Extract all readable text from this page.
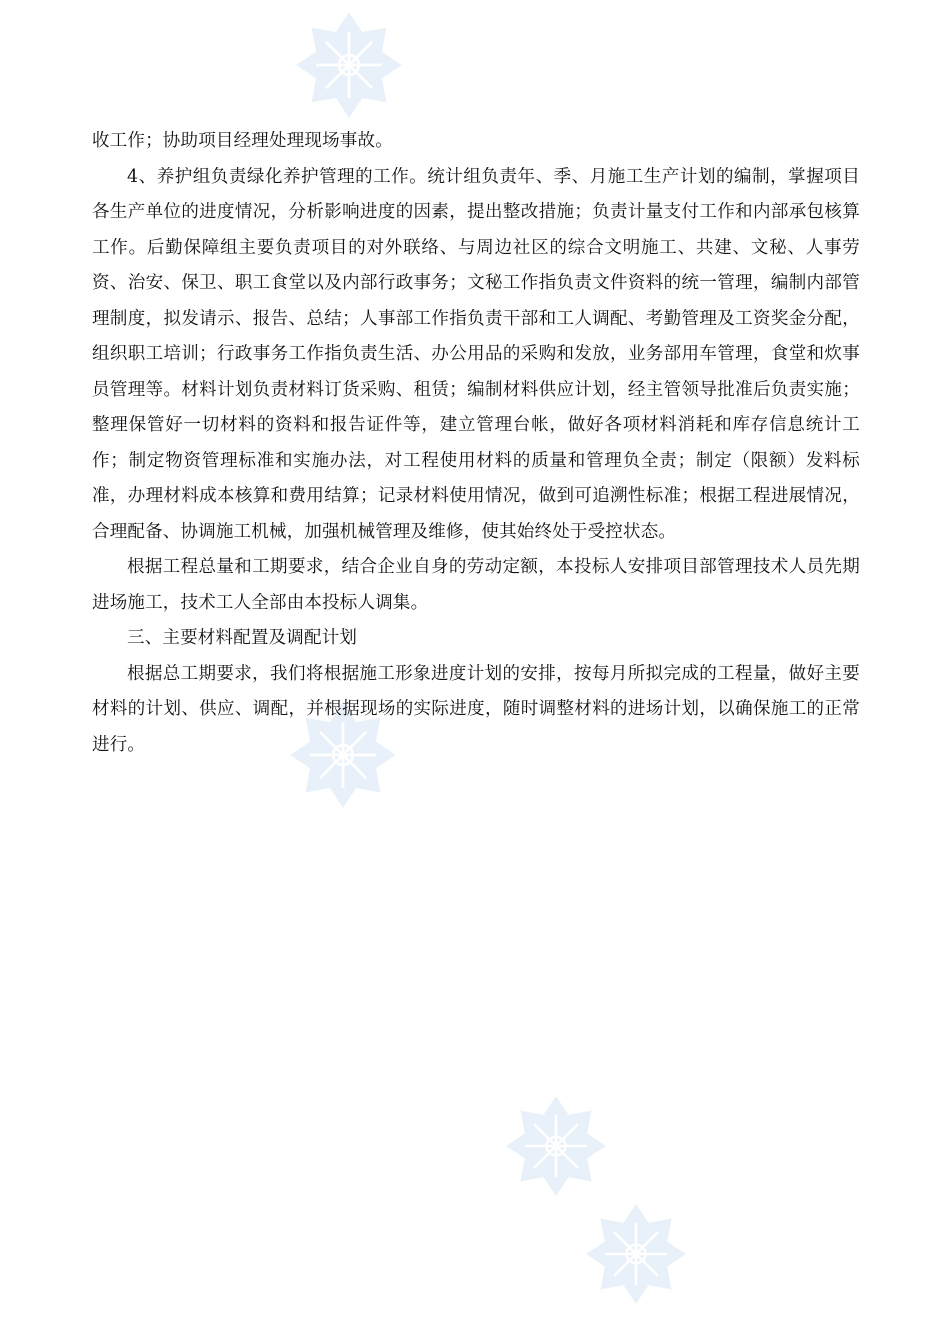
收工作；协助项目经理处理现场事故。

4、养护组负责绿化养护管理的工作。统计组负责年、季、月施工生产计划的编制，掌握项目各生产单位的进度情况，分析影响进度的因素，提出整改措施；负责计量支付工作和内部承包核算工作。后勤保障组主要负责项目的对外联络、与周边社区的综合文明施工、共建、文秘、人事劳资、治安、保卫、职工食堂以及内部行政事务；文秘工作指负责文件资料的统一管理，编制内部管理制度，拟发请示、报告、总结；人事部工作指负责干部和工人调配、考勤管理及工资奖金分配，组织职工培训；行政事务工作指负责生活、办公用品的采购和发放，业务部用车管理，食堂和炊事员管理等。材料计划负责材料订货采购、租赁；编制材料供应计划，经主管领导批准后负责实施；整理保管好一切材料的资料和报告证件等，建立管理台帐，做好各项材料消耗和库存信息统计工作；制定物资管理标准和实施办法，对工程使用材料的质量和管理负全责；制定（限额）发料标准，办理材料成本核算和费用结算；记录材料使用情况，做到可追溯性标准；根据工程进展情况，合理配备、协调施工机械，加强机械管理及维修，使其始终处于受控状态。

根据工程总量和工期要求，结合企业自身的劳动定额，本投标人安排项目部管理技术人员先期进场施工，技术工人全部由本投标人调集。

三、主要材料配置及调配计划

根据总工期要求，我们将根据施工形象进度计划的安排，按每月所拟完成的工程量，做好主要材料的计划、供应、调配，并根据现场的实际进度，随时调整材料的进场计划，以确保施工的正常进行。
